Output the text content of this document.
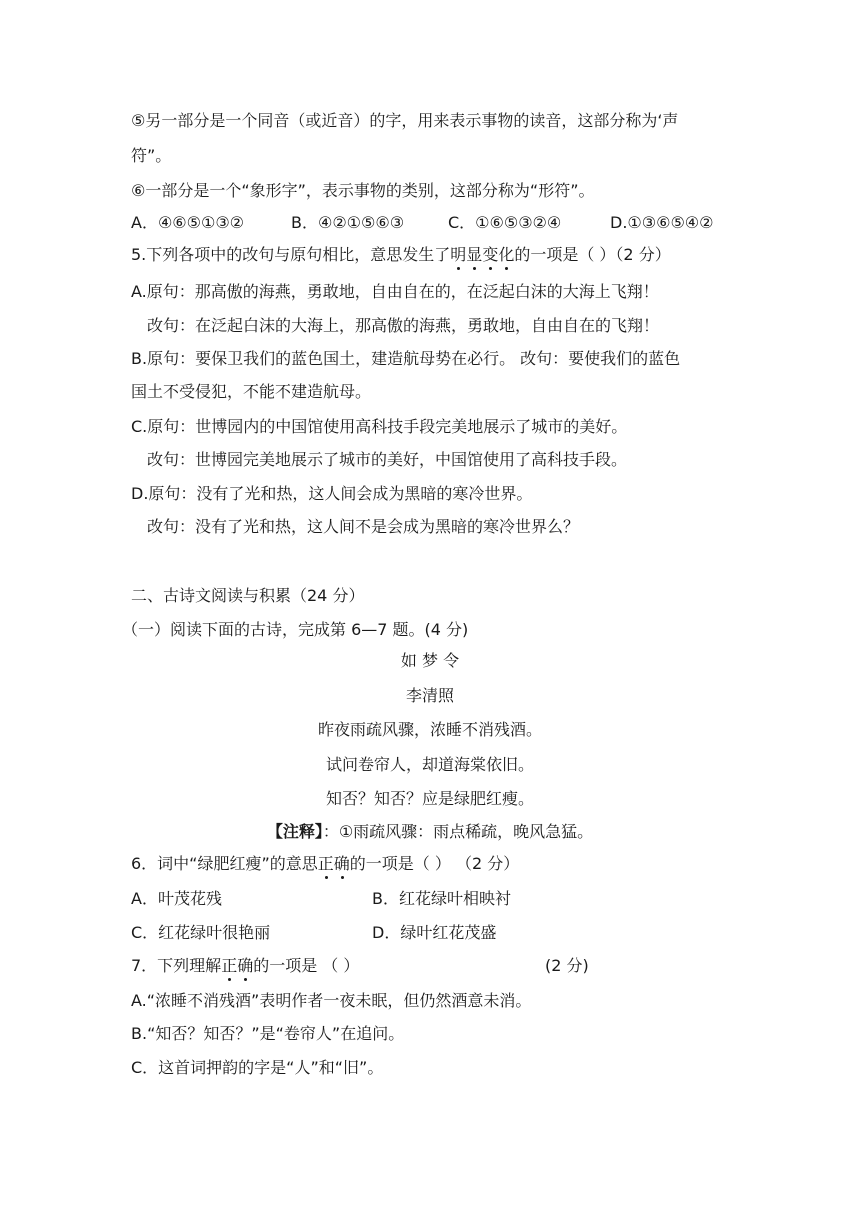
⑤另一部分是一个同音（或近音）的字，用来表示事物的读音，这部分称为‘声
符”。
⑥一部分是一个“象形字”，表示事物的类别，这部分称为“形符”。
A．④⑥⑤①③②	B．④②①⑤⑥③	C．①⑥⑤③②④	D.①③⑥⑤④②
5.下列各项中的改句与原句相比，意思发生了明显变化的一项是（ ）（2 分）
A.原句：那高傲的海燕，勇敢地，自由自在的，在泛起白沫的大海上飞翔！
改句：在泛起白沫的大海上，那高傲的海燕，勇敢地，自由自在的飞翔！
B.原句：要保卫我们的蓝色国土，建造航母势在必行。 改句：要使我们的蓝色
国土不受侵犯，不能不建造航母。
C.原句：世博园内的中国馆使用高科技手段完美地展示了城市的美好。
改句：世博园完美地展示了城市的美好，中国馆使用了高科技手段。
D.原句：没有了光和热，这人间会成为黑暗的寒冷世界。
改句：没有了光和热，这人间不是会成为黑暗的寒冷世界么？
二、古诗文阅读与积累（24 分）
（一）阅读下面的古诗，完成第 6—7 题。(4 分)
如 梦 令
李清照
昨夜雨疏风骤，浓睡不消残酒。
试问卷帘人，却道海棠依旧。
知否？知否？应是绿肥红瘦。
【注释】：①雨疏风骤：雨点稀疏，晚风急猛。
6．词中“绿肥红瘦”的意思正确的一项是（ ） （2 分）
A．叶茂花残	B．红花绿叶相映衬
C．红花绿叶很艳丽	D．绿叶红花茂盛
7．下列理解正确的一项是 （ ）	(2 分)
A.“浓睡不消残酒”表明作者一夜未眠，但仍然酒意未消。
B.“知否？知否？”是“卷帘人”在追问。
C．这首词押韵的字是“人”和“旧”。
